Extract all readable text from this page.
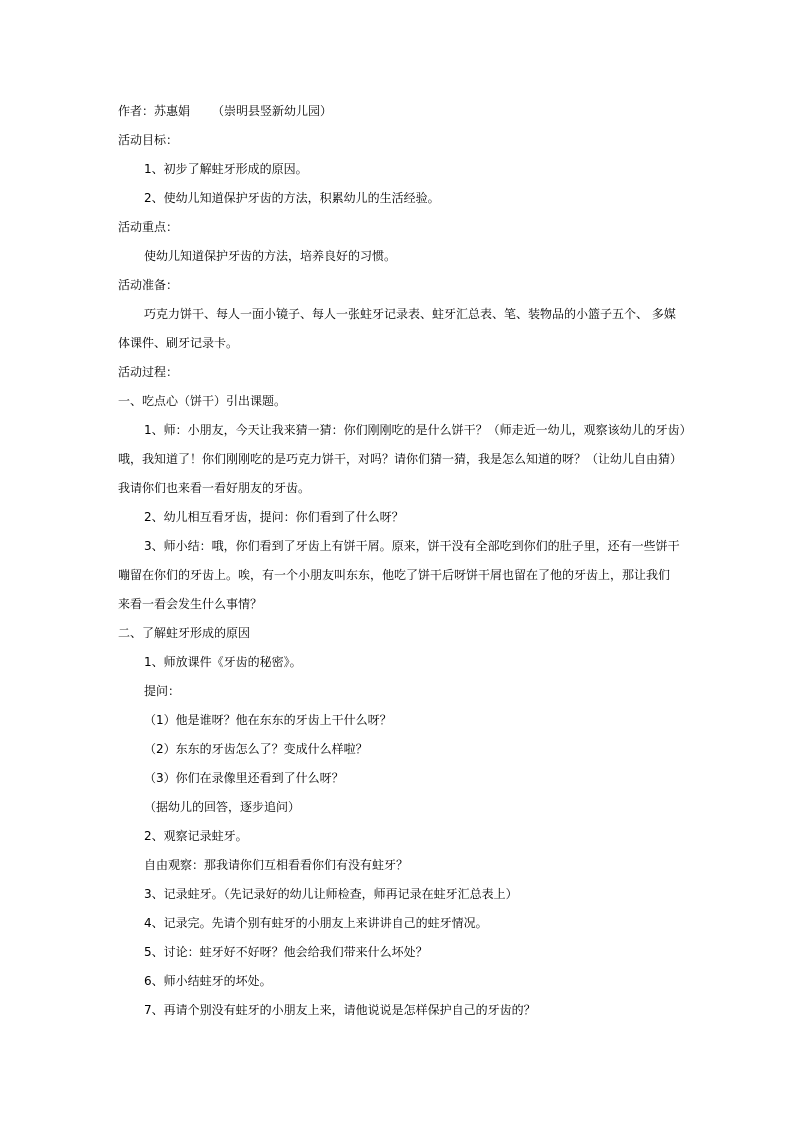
作者：苏惠娟 （崇明县竖新幼儿园）
活动目标：
1、初步了解蛀牙形成的原因。
2、使幼儿知道保护牙齿的方法，积累幼儿的生活经验。
活动重点：
使幼儿知道保护牙齿的方法，培养良好的习惯。
活动准备：
巧克力饼干、每人一面小镜子、每人一张蛀牙记录表、蛀牙汇总表、笔、装物品的小篮子五个、 多媒
体课件、刷牙记录卡。
活动过程：
一、吃点心（饼干）引出课题。
1、师：小朋友，今天让我来猜一猜：你们刚刚吃的是什么饼干？（师走近一幼儿，观察该幼儿的牙齿）
哦，我知道了！你们刚刚吃的是巧克力饼干，对吗？请你们猜一猜，我是怎么知道的呀？（让幼儿自由猜）
我请你们也来看一看好朋友的牙齿。
2、幼儿相互看牙齿，提问：你们看到了什么呀？
3、师小结：哦，你们看到了牙齿上有饼干屑。原来，饼干没有全部吃到你们的肚子里，还有一些饼干
嘣留在你们的牙齿上。唉，有一个小朋友叫东东，他吃了饼干后呀饼干屑也留在了他的牙齿上，那让我们
来看一看会发生什么事情？
二、了解蛀牙形成的原因
1、师放课件《牙齿的秘密》。
提问：
（1）他是谁呀？他在东东的牙齿上干什么呀？
（2）东东的牙齿怎么了？变成什么样啦？
（3）你们在录像里还看到了什么呀？
（据幼儿的回答，逐步追问）
2、观察记录蛀牙。
自由观察：那我请你们互相看看你们有没有蛀牙？
3、记录蛀牙。（先记录好的幼儿让师检查，师再记录在蛀牙汇总表上）
4、记录完。先请个别有蛀牙的小朋友上来讲讲自己的蛀牙情况。
5、讨论：蛀牙好不好呀？他会给我们带来什么坏处？
6、师小结蛀牙的坏处。
7、再请个别没有蛀牙的小朋友上来，请他说说是怎样保护自己的牙齿的？
